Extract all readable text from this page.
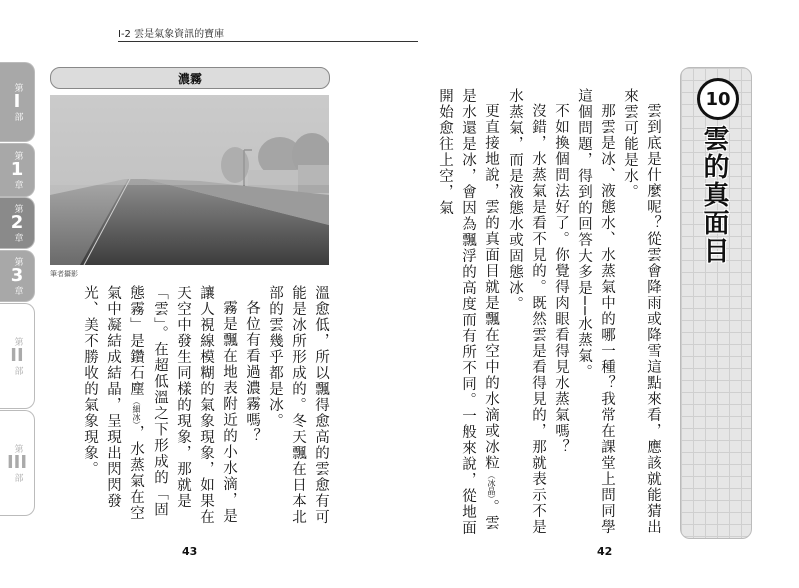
I-2 雲是氣象資訊的寶庫
第
I
部
第
1
章
第
2
章
第
3
章
第
II
部
第
III
部
濃霧
筆者攝影

溫愈低，所以飄得愈高的雲愈有可能是冰所形成的。冬天飄在日本北部的雲幾乎都是冰。

各位有看過濃霧嗎？

霧是飄在地表附近的小水滴，是讓人視線模糊的氣象現象，如果在天空中發生同樣的現象，那就是「雲」。在超低溫之下形成的「固態霧」是鑽石塵（細冰），水蒸氣在空氣中凝結成結晶，呈現出閃閃發光、美不勝收的氣象現象。	雲到底是什麼呢？從雲會降雨或降雪這點來看，應該就能猜出來雲可能是水。

那雲是冰、液態水、水蒸氣中的哪一種？我常在課堂上問同學這個問題，得到的回答大多是──水蒸氣。

不如換個問法好了。你覺得肉眼看得見水蒸氣嗎？

沒錯，水蒸氣是看不見的。既然雲是看得見的，那就表示不是水蒸氣，而是液態水或固態冰。

更直接地說，雲的真面目就是飄在空中的水滴或冰粒（冰晶）。雲是水還是冰，會因為飄浮的高度而有所不同。一般來說，從地面開始愈往上空，氣	10
雲的真面目
43	42
